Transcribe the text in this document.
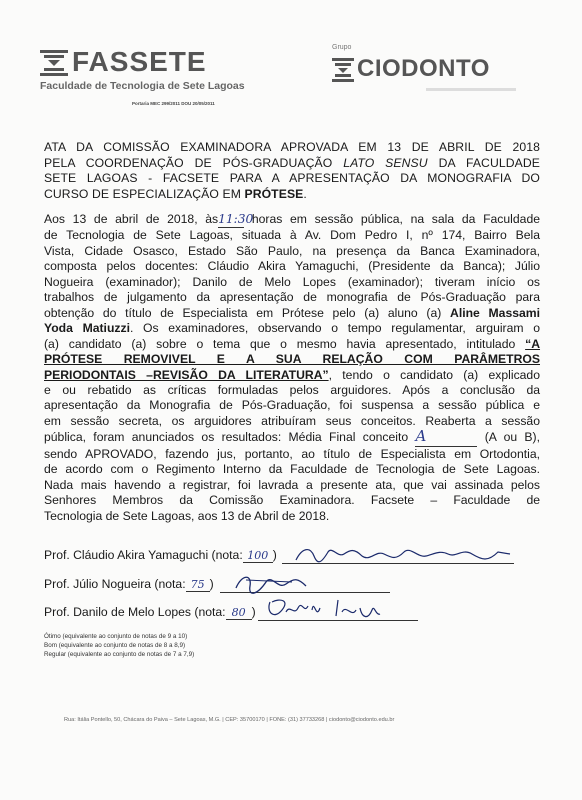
FASSETE
Faculdade de Tecnologia de Sete Lagoas
Portaria MEC 299/2011 DOU 20/05/2011
Grupo
CIODONTO
ATA DA COMISSÃO EXAMINADORA APROVADA EM 13 DE ABRIL DE 2018
PELA COORDENAÇÃO DE PÓS-GRADUAÇÃO LATO SENSU DA FACULDADE
SETE LAGOAS - FACSETE PARA A APRESENTAÇÃO DA MONOGRAFIA DO
CURSO DE ESPECIALIZAÇÃO EM PRÓTESE.
Aos 13 de abril de 2018, às11:30 horas em sessão pública, na sala da Faculdade
de Tecnologia de Sete Lagoas, situada à Av. Dom Pedro I, nº 174, Bairro Bela
Vista, Cidade Osasco, Estado São Paulo, na presença da Banca Examinadora,
composta pelos docentes: Cláudio Akira Yamaguchi, (Presidente da Banca); Júlio
Nogueira (examinador); Danilo de Melo Lopes (examinador); tiveram início os
trabalhos de julgamento da apresentação de monografia de Pós-Graduação para
obtenção do título de Especialista em Prótese pelo (a) aluno (a) Aline Massami
Yoda Matiuzzi. Os examinadores, observando o tempo regulamentar, arguiram o
(a) candidato (a) sobre o tema que o mesmo havia apresentado, intitulado “A
PRÓTESE REMOVIVEL E A SUA RELAÇÃO COM PARÂMETROS
PERIODONTAIS –REVISÃO DA LITERATURA”, tendo o candidato (a) explicado
e ou rebatido as críticas formuladas pelos arguidores. Após a conclusão da
apresentação da Monografia de Pós-Graduação, foi suspensa a sessão pública e
em sessão secreta, os arguidores atribuíram seus conceitos. Reaberta a sessão
pública, foram anunciados os resultados: Média Final conceito A	(A ou B),
sendo APROVADO, fazendo jus, portanto, ao título de Especialista em Ortodontia,
de acordo com o Regimento Interno da Faculdade de Tecnologia de Sete Lagoas.
Nada mais havendo a registrar, foi lavrada a presente ata, que vai assinada pelos
Senhores Membros da Comissão Examinadora. Facsete – Faculdade de
Tecnologia de Sete Lagoas, aos 13 de Abril de 2018.
Prof. Cláudio Akira Yamaguchi (nota: 100 )
Prof. Júlio Nogueira (nota: 75 )
Prof. Danilo de Melo Lopes (nota: 80 )
Ótimo (equivalente ao conjunto de notas de 9 a 10)
Bom (equivalente ao conjunto de notas de 8 a 8,9)
Regular (equivalente ao conjunto de notas de 7 a 7,9)
Rua: Itália Pontello, 50, Chácara do Paiva – Sete Lagoas, M.G. | CEP: 35700170 | FONE: (31) 37733268 | ciodonto@ciodonto.edu.br
